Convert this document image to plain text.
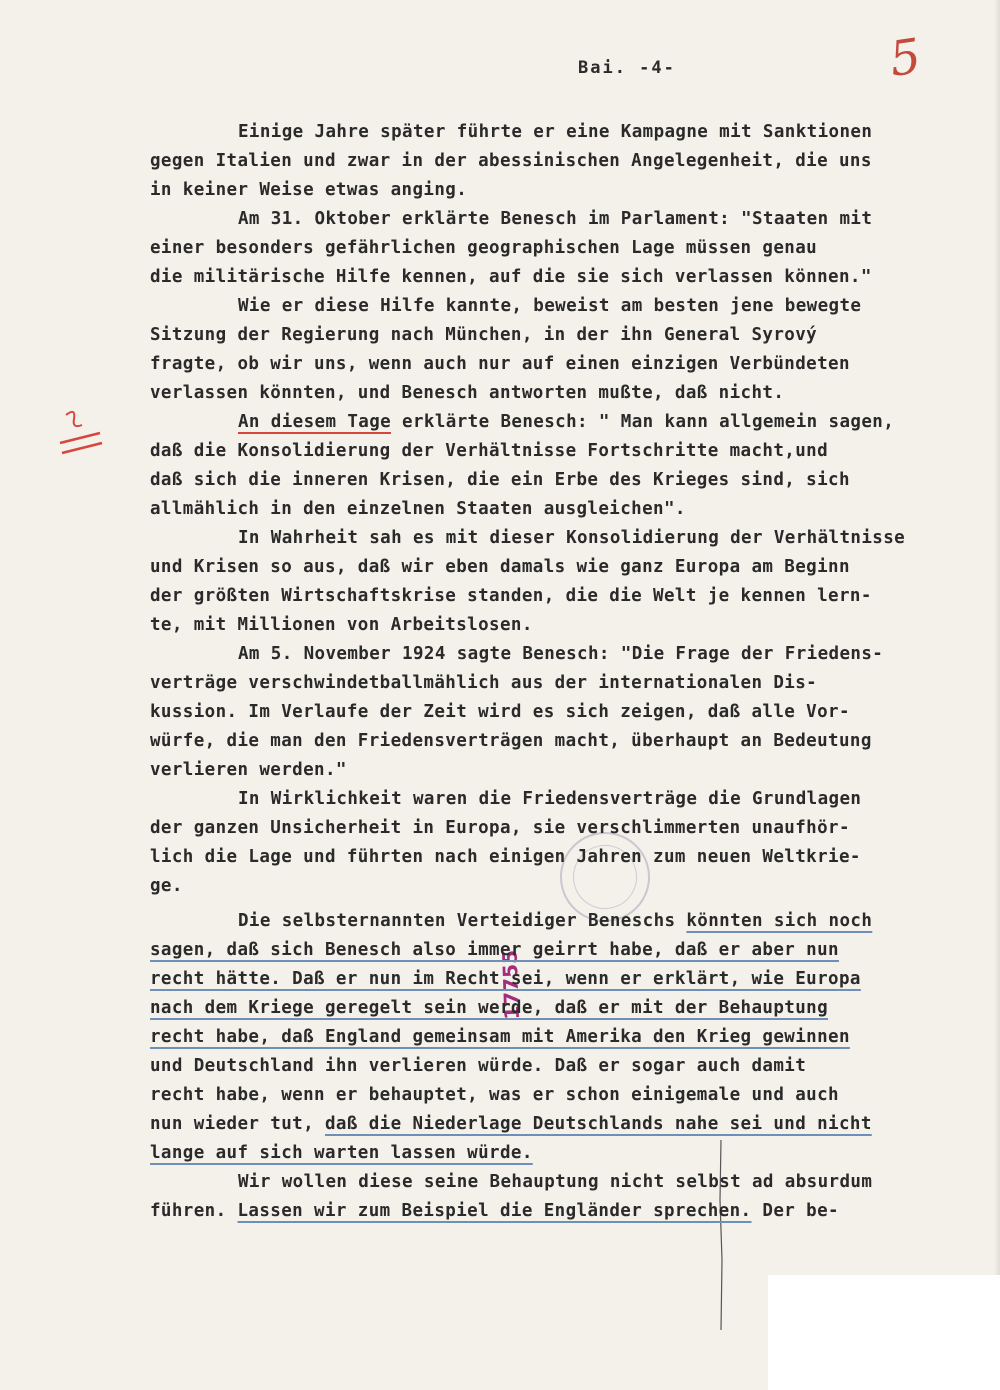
Bai. -4-	5
17755
Einige Jahre später führte er eine Kampagne mit Sanktionen
gegen Italien und zwar in der abessinischen Angelegenheit, die uns
in keiner Weise etwas anging.
Am 31. Oktober erklärte Benesch im Parlament: "Staaten mit
einer besonders gefährlichen geographischen Lage müssen genau
die militärische Hilfe kennen, auf die sie sich verlassen können."
Wie er diese Hilfe kannte, beweist am besten jene bewegte
Sitzung der Regierung nach München, in der ihn General Syrový
fragte, ob wir uns, wenn auch nur auf einen einzigen Verbündeten
verlassen könnten, und Benesch antworten mußte, daß nicht.
An diesem Tage erklärte Benesch: " Man kann allgemein sagen,
daß die Konsolidierung der Verhältnisse Fortschritte macht,und
daß sich die inneren Krisen, die ein Erbe des Krieges sind, sich
allmählich in den einzelnen Staaten ausgleichen".
In Wahrheit sah es mit dieser Konsolidierung der Verhältnisse
und Krisen so aus, daß wir eben damals wie ganz Europa am Beginn
der größten Wirtschaftskrise standen, die die Welt je kennen lern-
te, mit Millionen von Arbeitslosen.
Am 5. November 1924 sagte Benesch: "Die Frage der Friedens-
verträge verschwindetballmählich aus der internationalen Dis-
kussion. Im Verlaufe der Zeit wird es sich zeigen, daß alle Vor-
würfe, die man den Friedensverträgen macht, überhaupt an Bedeutung
verlieren werden."
In Wirklichkeit waren die Friedensverträge die Grundlagen
der ganzen Unsicherheit in Europa, sie verschlimmerten unaufhör-
lich die Lage und führten nach einigen Jahren zum neuen Weltkrie-
ge.
Die selbsternannten Verteidiger Beneschs könnten sich noch
sagen, daß sich Benesch also immer geirrt habe, daß er aber nun
recht hätte. Daß er nun im Recht sei, wenn er erklärt, wie Europa
nach dem Kriege geregelt sein werde, daß er mit der Behauptung
recht habe, daß England gemeinsam mit Amerika den Krieg gewinnen
und Deutschland ihn verlieren würde. Daß er sogar auch damit
recht habe, wenn er behauptet, was er schon einigemale und auch
nun wieder tut, daß die Niederlage Deutschlands nahe sei und nicht
lange auf sich warten lassen würde.
Wir wollen diese seine Behauptung nicht selbst ad absurdum
führen. Lassen wir zum Beispiel die Engländer sprechen. Der be-
